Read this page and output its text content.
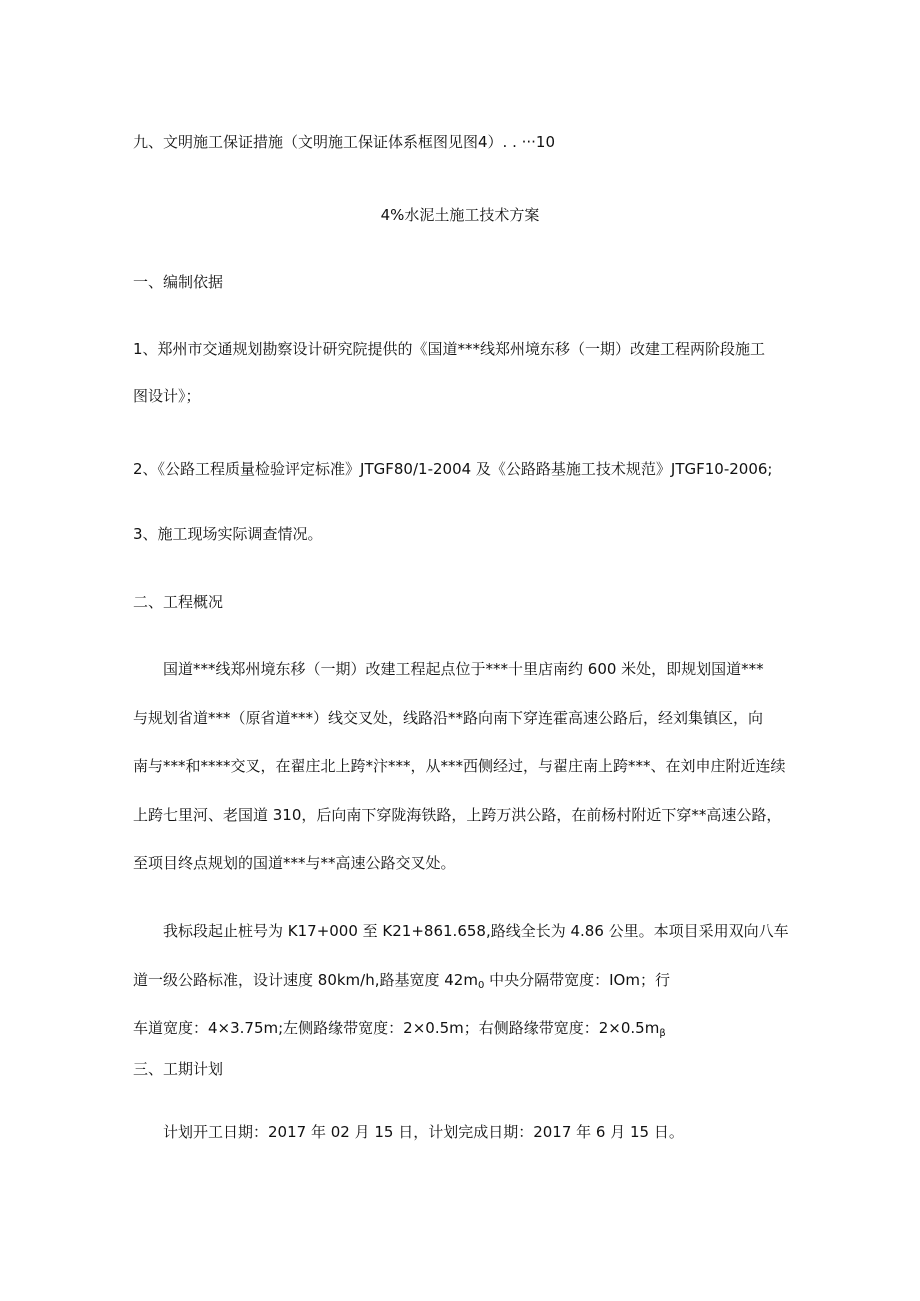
九、文明施工保证措施（文明施工保证体系框图见图4）. . ···10
4%水泥土施工技术方案
一、编制依据
1、郑州市交通规划勘察设计研究院提供的《国道***线郑州境东移（一期）改建工程两阶段施工
图设计》；
2、《公路工程质量检验评定标准》JTGF80/1-2004 及《公路路基施工技术规范》JTGF10-2006;
3、施工现场实际调查情况。
二、工程概况
国道***线郑州境东移（一期）改建工程起点位于***十里店南约 600 米处，即规划国道***
与规划省道***（原省道***）线交叉处，线路沿**路向南下穿连霍高速公路后，经刘集镇区，向
南与***和****交叉，在翟庄北上跨*汴***，从***西侧经过，与翟庄南上跨***、在刘申庄附近连续
上跨七里河、老国道 310，后向南下穿陇海铁路，上跨万洪公路，在前杨村附近下穿**高速公路，
至项目终点规划的国道***与**高速公路交叉处。
我标段起止桩号为 K17+000 至 K21+861.658,路线全长为 4.86 公里。本项目采用双向八车
道一级公路标准，设计速度 80km∕h,路基宽度 $42m_0$ 中央分隔带宽度：IOm；行
车道宽度：4×3.75m;左侧路缘带宽度：2×0.5m；右侧路缘带宽度：$2\times 0.5m_\beta$
三、工期计划
计划开工日期：2017 年 02 月 15 日，计划完成日期：2017 年 6 月 15 日。
